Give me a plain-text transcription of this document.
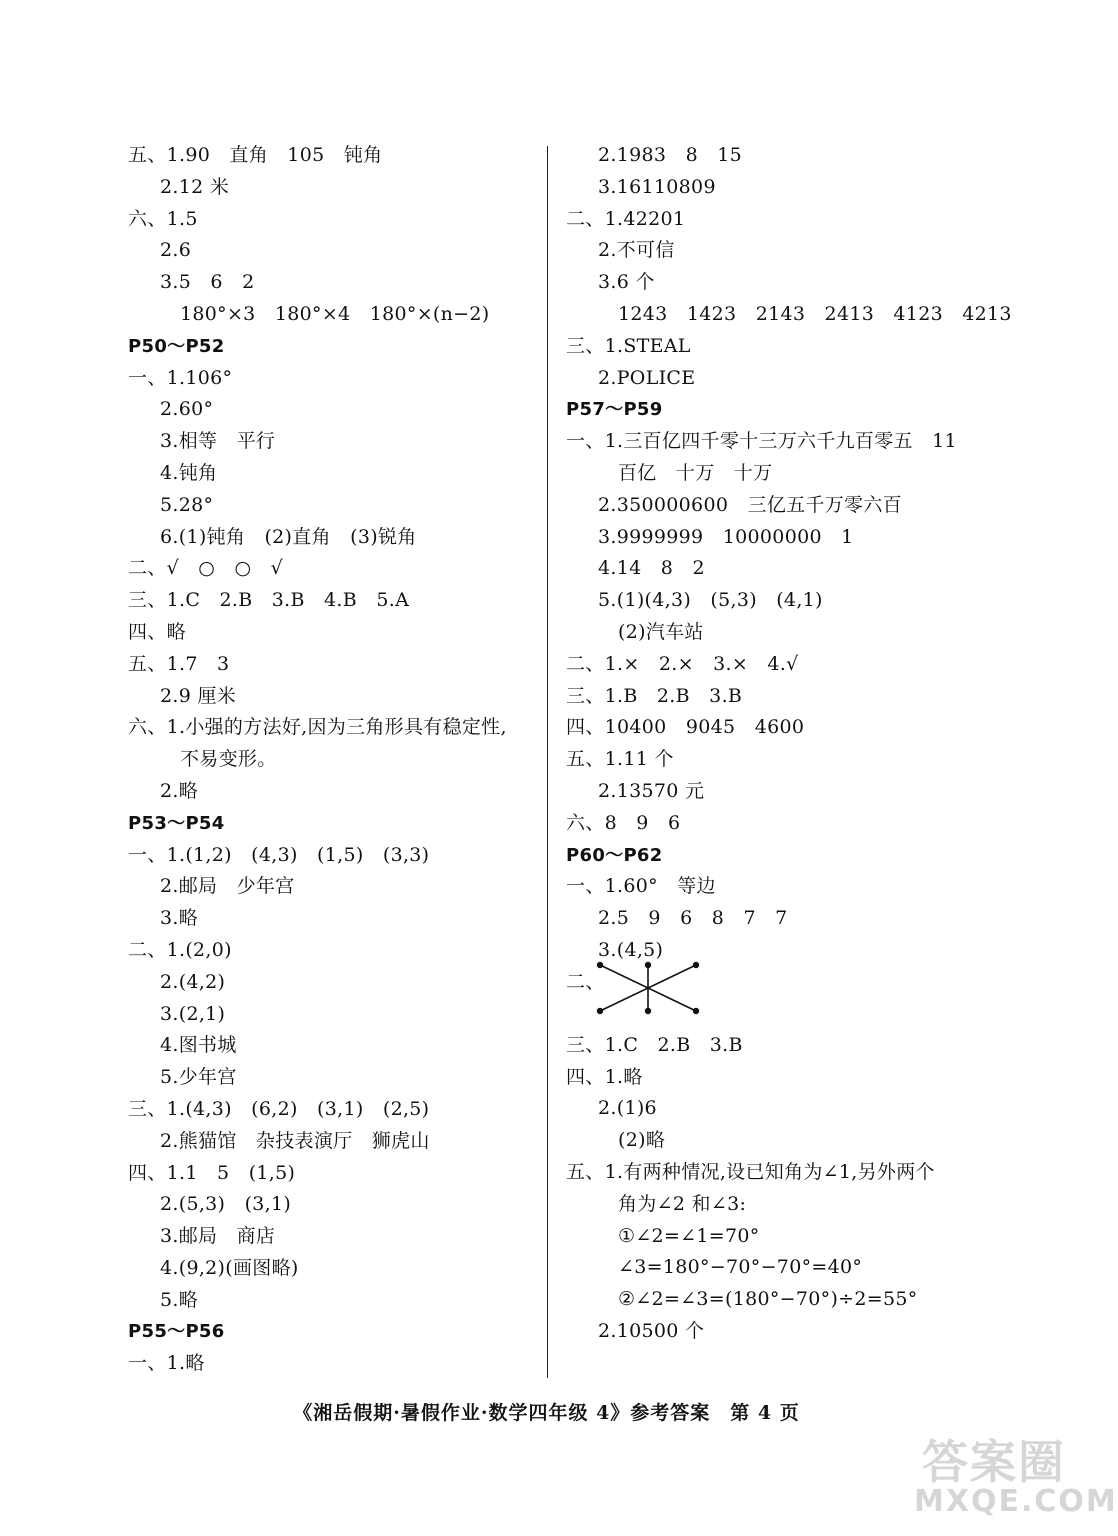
五、1.90　直角　105　钝角
2.12 米
六、1.5
2.6
3.5　6　2
180°×3　180°×4　180°×(n−2)
P50～P52
一、1.106°
2.60°
3.相等　平行
4.钝角
5.28°
6.(1)钝角　(2)直角　(3)锐角
二、√　○　○　√
三、1.C　2.B　3.B　4.B　5.A
四、略
五、1.7　3
2.9 厘米
六、1.小强的方法好,因为三角形具有稳定性,
不易变形。
2.略
P53～P54
一、1.(1,2)　(4,3)　(1,5)　(3,3)
2.邮局　少年宫
3.略
二、1.(2,0)
2.(4,2)
3.(2,1)
4.图书城
5.少年宫
三、1.(4,3)　(6,2)　(3,1)　(2,5)
2.熊猫馆　杂技表演厅　狮虎山
四、1.1　5　(1,5)
2.(5,3)　(3,1)
3.邮局　商店
4.(9,2)(画图略)
5.略
P55～P56
一、1.略
2.1983　8　15
3.16110809
二、1.42201
2.不可信
3.6 个
1243　1423　2143　2413　4123　4213
三、1.STEAL
2.POLICE
P57～P59
一、1.三百亿四千零十三万六千九百零五　11
百亿　十万　十万
2.350000600　三亿五千万零六百
3.9999999　10000000　1
4.14　8　2
5.(1)(4,3)　(5,3)　(4,1)
(2)汽车站
二、1.×　2.×　3.×　4.√
三、1.B　2.B　3.B
四、10400　9045　4600
五、1.11 个
2.13570 元
六、8　9　6
P60～P62
一、1.60°　等边
2.5　9　6　8　7　7
3.(4,5)
二、
三、1.C　2.B　3.B
四、1.略
2.(1)6
(2)略
五、1.有两种情况,设已知角为∠1,另外两个
角为∠2 和∠3:
①∠2=∠1=70°
∠3=180°−70°−70°=40°
②∠2=∠3=(180°−70°)÷2=55°
2.10500 个
《湘岳假期·暑假作业·数学四年级 4》参考答案　第 4 页
答案圈
MXQE.COM
